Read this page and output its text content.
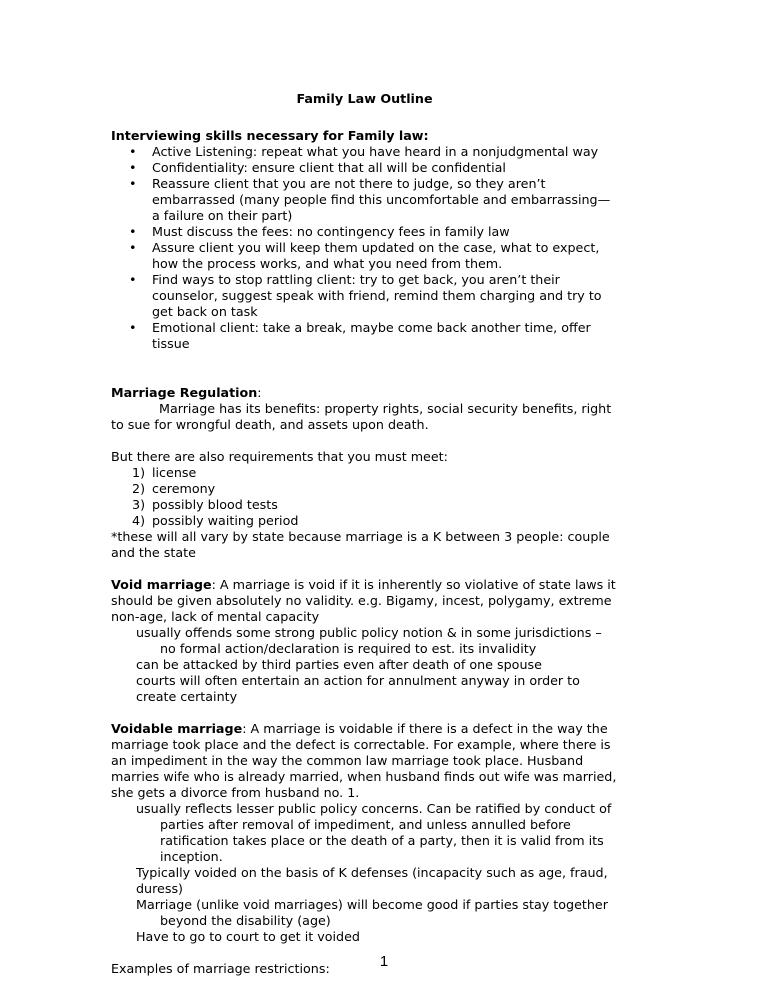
Family Law Outline
Interviewing skills necessary for Family law:
• Active Listening: repeat what you have heard in a nonjudgmental way
• Confidentiality: ensure client that all will be confidential
• Reassure client that you are not there to judge, so they aren’t embarrassed (many people find this uncomfortable and embarrassing—a failure on their part)
• Must discuss the fees: no contingency fees in family law
• Assure client you will keep them updated on the case, what to expect, how the process works, and what you need from them.
• Find ways to stop rattling client: try to get back, you aren’t their counselor, suggest speak with friend, remind them charging and try to get back on task
• Emotional client: take a break, maybe come back another time, offer tissue

Marriage Regulation:

Marriage has its benefits: property rights, social security benefits, right to sue for wrongful death, and assets upon death.

But there are also requirements that you must meet:

1) license
2) ceremony
3) possibly blood tests
4) possibly waiting period

*these will all vary by state because marriage is a K between 3 people: couple and the state

Void marriage: A marriage is void if it is inherently so violative of state laws it should be given absolutely no validity. e.g. Bigamy, incest, polygamy, extreme non-age, lack of mental capacity

usually offends some strong public policy notion & in some jurisdictions – no formal action/declaration is required to est. its invalidity

can be attacked by third parties even after death of one spouse

courts will often entertain an action for annulment anyway in order to create certainty

Voidable marriage: A marriage is voidable if there is a defect in the way the marriage took place and the defect is correctable. For example, where there is an impediment in the way the common law marriage took place. Husband marries wife who is already married, when husband finds out wife was married, she gets a divorce from husband no. 1.

usually reflects lesser public policy concerns. Can be ratified by conduct of parties after removal of impediment, and unless annulled before ratification takes place or the death of a party, then it is valid from its inception.

Typically voided on the basis of K defenses (incapacity such as age, fraud, duress)

Marriage (unlike void marriages) will become good if parties stay together beyond the disability (age)

Have to go to court to get it voided

Examples of marriage restrictions:	1
